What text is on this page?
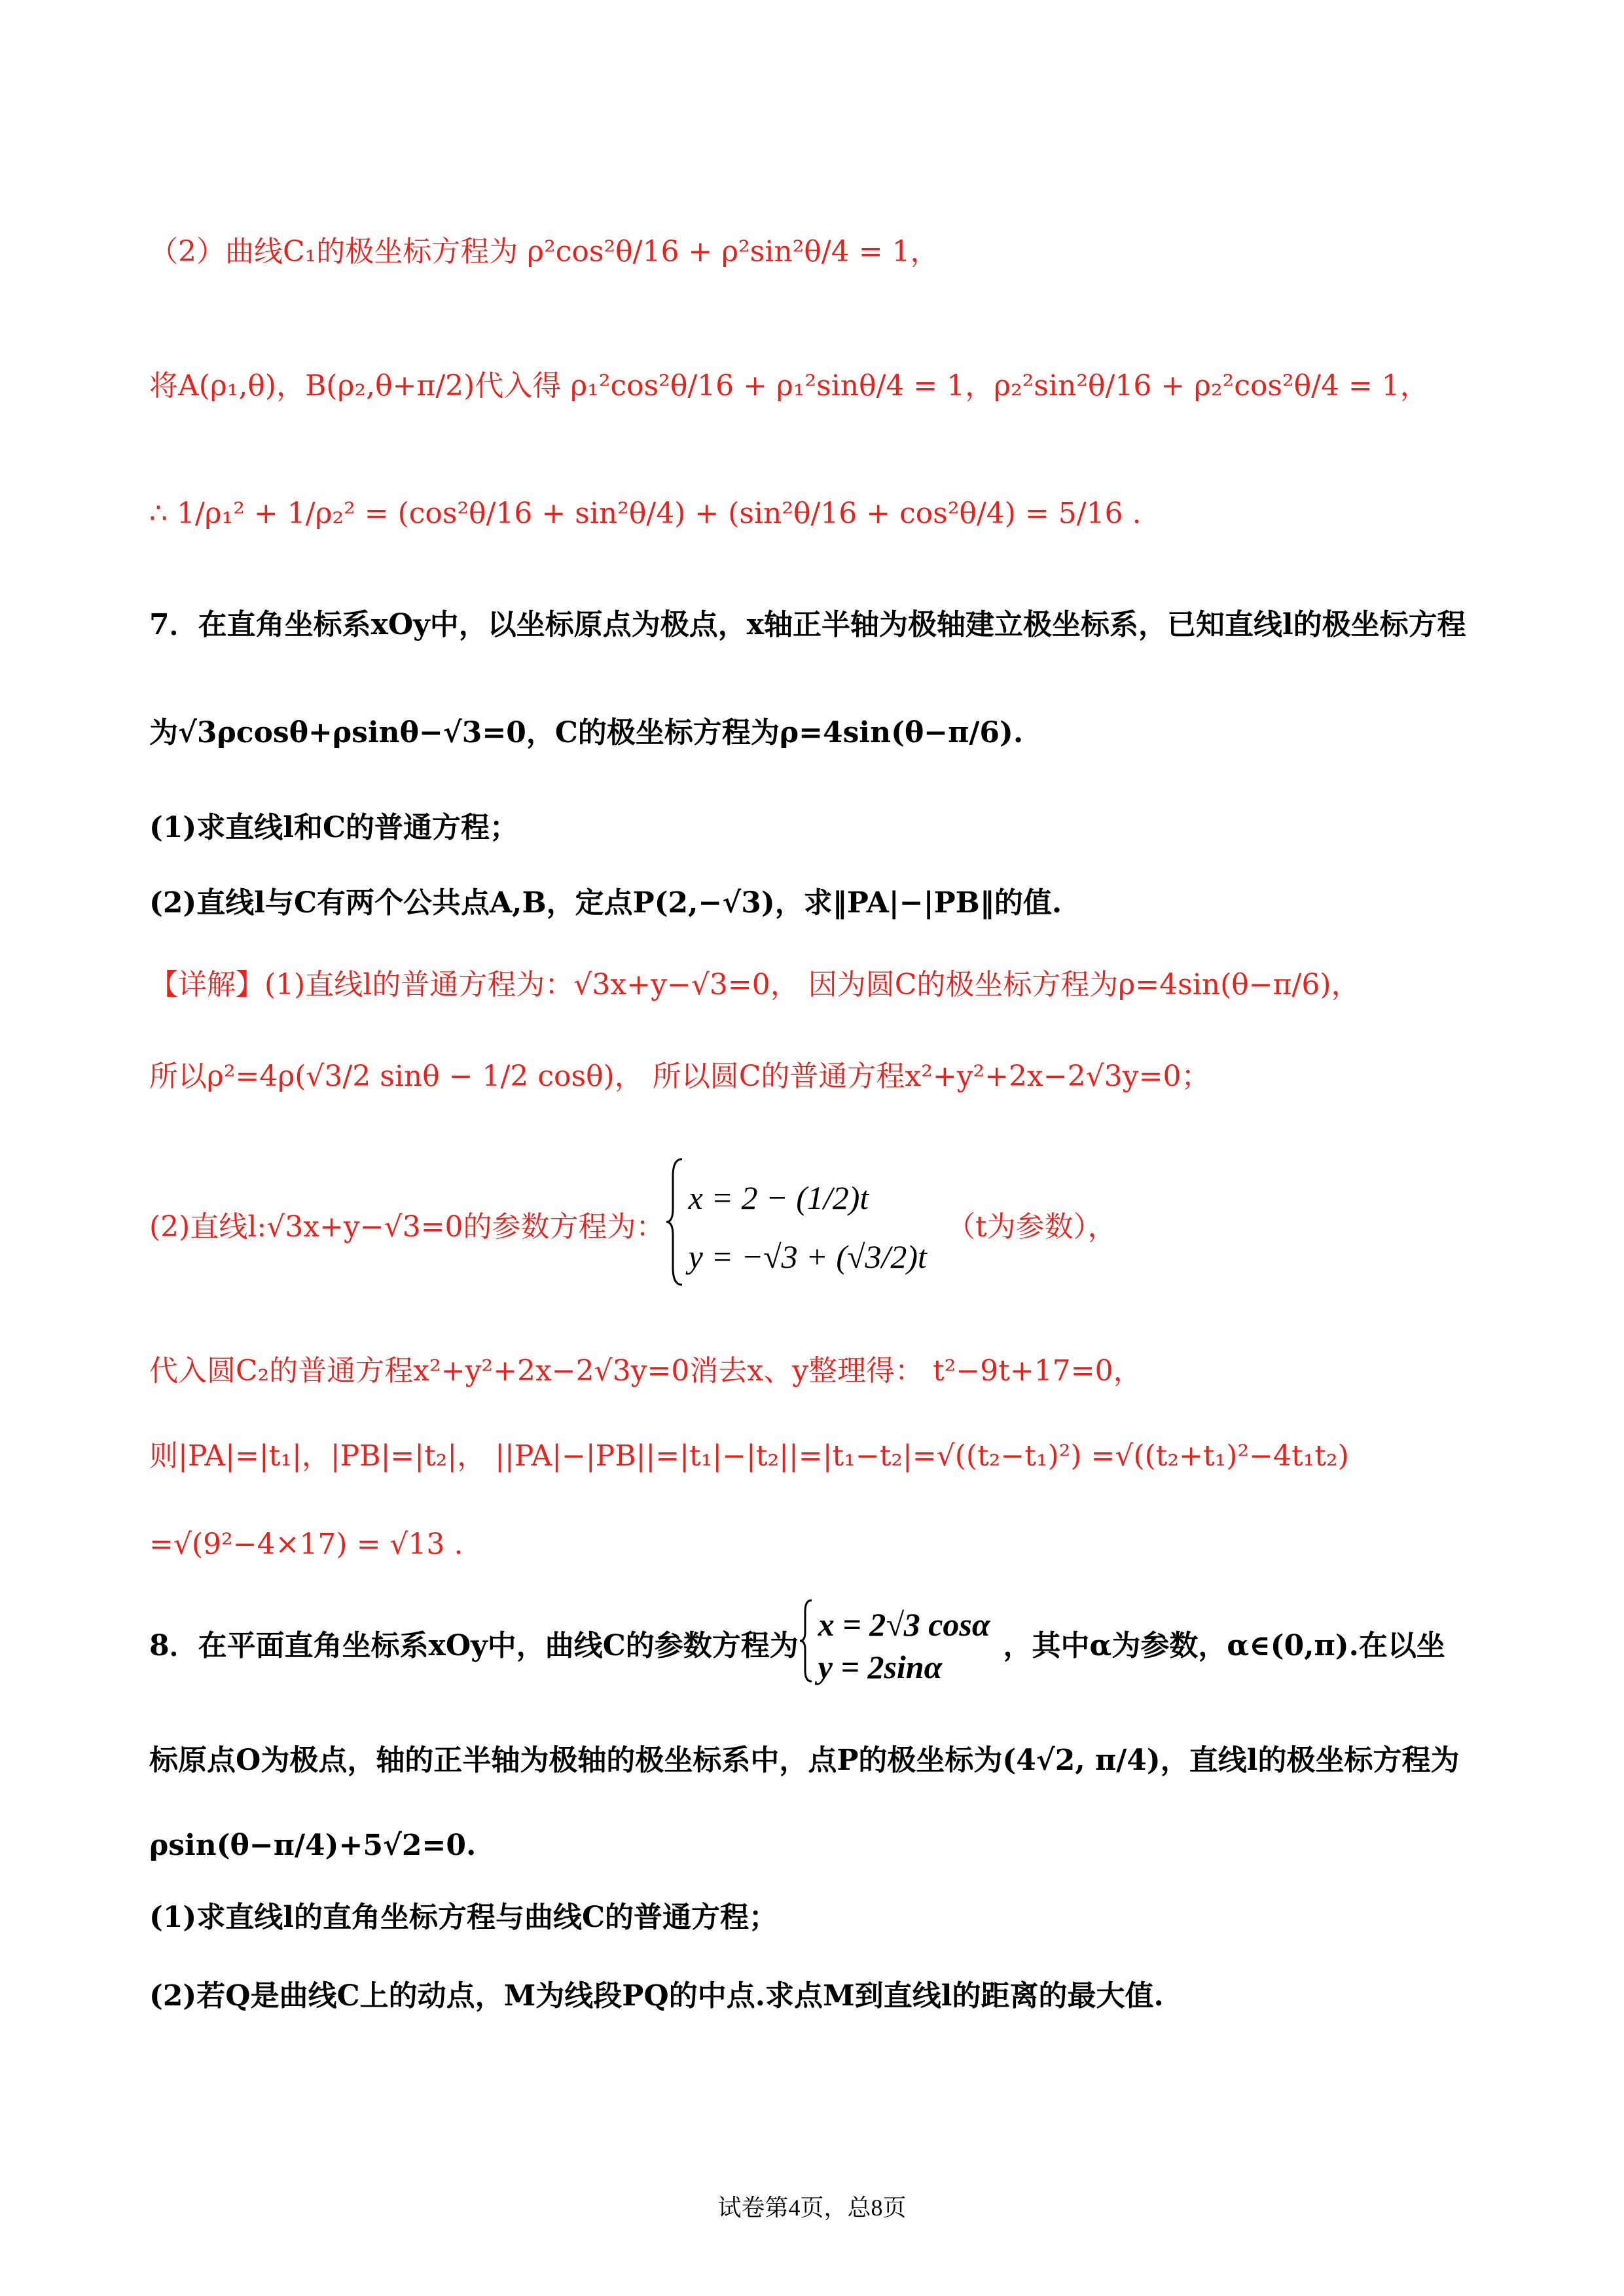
（2）曲线C₁的极坐标方程为 ρ²cos²θ/16 + ρ²sin²θ/4 = 1，
将A(ρ₁,θ)，B(ρ₂,θ+π/2)代入得 ρ₁²cos²θ/16 + ρ₁²sinθ/4 = 1，ρ₂²sin²θ/16 + ρ₂²cos²θ/4 = 1，
∴ 1/ρ₁² + 1/ρ₂² = (cos²θ/16 + sin²θ/4) + (sin²θ/16 + cos²θ/4) = 5/16 .
7．在直角坐标系xOy中，以坐标原点为极点，x轴正半轴为极轴建立极坐标系，已知直线l的极坐标方程
为√3ρcosθ+ρsinθ−√3=0，C的极坐标方程为ρ=4sin(θ−π/6).
(1)求直线l和C的普通方程；
(2)直线l与C有两个公共点A,B，定点P(2,−√3)，求‖PA|−|PB‖的值.
【详解】 (1)直线l的普通方程为：√3x+y−√3=0， 因为圆C的极坐标方程为ρ=4sin(θ−π/6)，
所以ρ²=4ρ(√3/2 sinθ − 1/2 cosθ)， 所以圆C的普通方程x²+y²+2x−2√3y=0；
(2)直线l:√3x+y−√3=0的参数方程为：
x = 2 − (1/2)t
y = −√3 + (√3/2)t
（t为参数），
代入圆C₂的普通方程x²+y²+2x−2√3y=0消去x、y整理得： t²−9t+17=0，
则|PA|=|t₁|，|PB|=|t₂|， ||PA|−|PB||=|t₁|−|t₂||=|t₁−t₂|=√((t₂−t₁)²) =√((t₂+t₁)²−4t₁t₂)
=√(9²−4×17) = √13 .
8．在平面直角坐标系xOy中，曲线C的参数方程为
x = 2√3 cosα
y = 2sinα
，其中α为参数，α∈(0,π).在以坐
标原点O为极点，轴的正半轴为极轴的极坐标系中，点P的极坐标为(4√2, π/4)，直线l的极坐标方程为
ρsin(θ−π/4)+5√2=0.
(1)求直线l的直角坐标方程与曲线C的普通方程；
(2)若Q是曲线C上的动点，M为线段PQ的中点.求点M到直线l的距离的最大值.
试卷第4页，总8页
